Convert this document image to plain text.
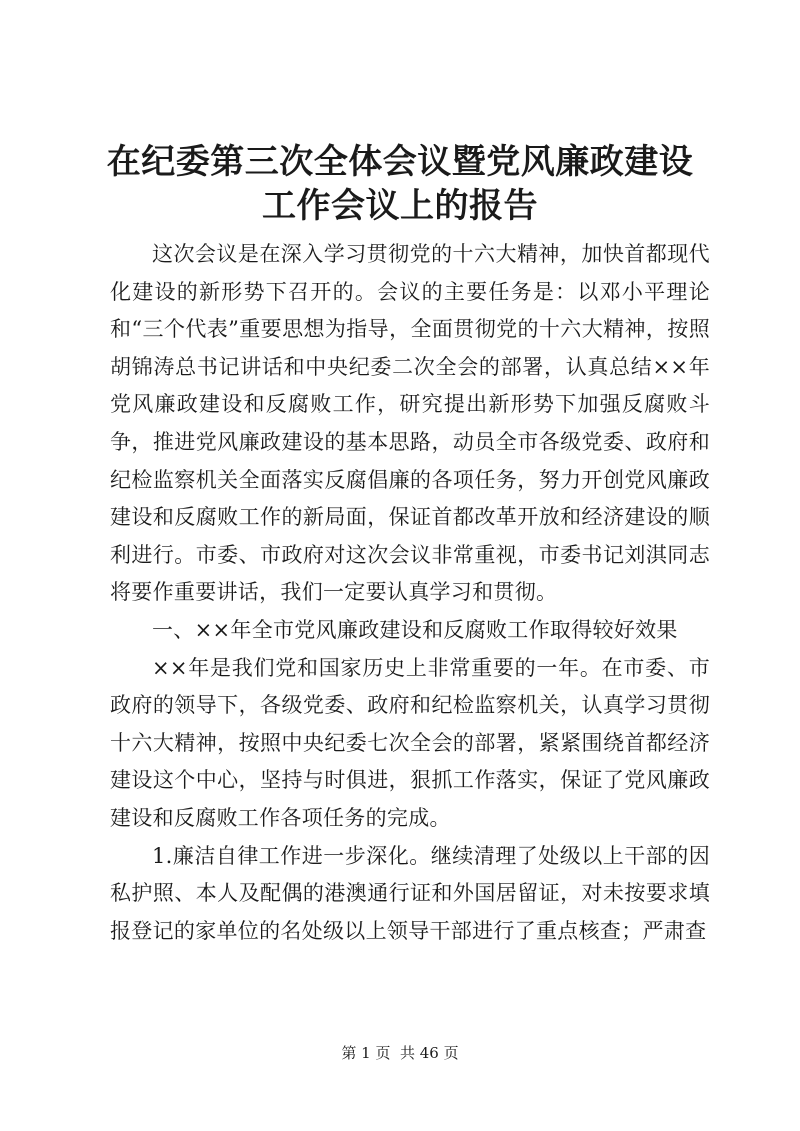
在纪委第三次全体会议暨党风廉政建设工作会议上的报告

这次会议是在深入学习贯彻党的十六大精神，加快首都现代化建设的新形势下召开的。会议的主要任务是：以邓小平理论和“三个代表”重要思想为指导，全面贯彻党的十六大精神，按照胡锦涛总书记讲话和中央纪委二次全会的部署，认真总结××年党风廉政建设和反腐败工作，研究提出新形势下加强反腐败斗争，推进党风廉政建设的基本思路，动员全市各级党委、政府和纪检监察机关全面落实反腐倡廉的各项任务，努力开创党风廉政建设和反腐败工作的新局面，保证首都改革开放和经济建设的顺利进行。市委、市政府对这次会议非常重视，市委书记刘淇同志将要作重要讲话，我们一定要认真学习和贯彻。

一、××年全市党风廉政建设和反腐败工作取得较好效果

××年是我们党和国家历史上非常重要的一年。在市委、市政府的领导下，各级党委、政府和纪检监察机关，认真学习贯彻十六大精神，按照中央纪委七次全会的部署，紧紧围绕首都经济建设这个中心，坚持与时俱进，狠抓工作落实，保证了党风廉政建设和反腐败工作各项任务的完成。

1.廉洁自律工作进一步深化。继续清理了处级以上干部的因私护照、本人及配偶的港澳通行证和外国居留证，对未按要求填报登记的家单位的名处级以上领导干部进行了重点核查；严肃查

第 1 页  共 46 页
